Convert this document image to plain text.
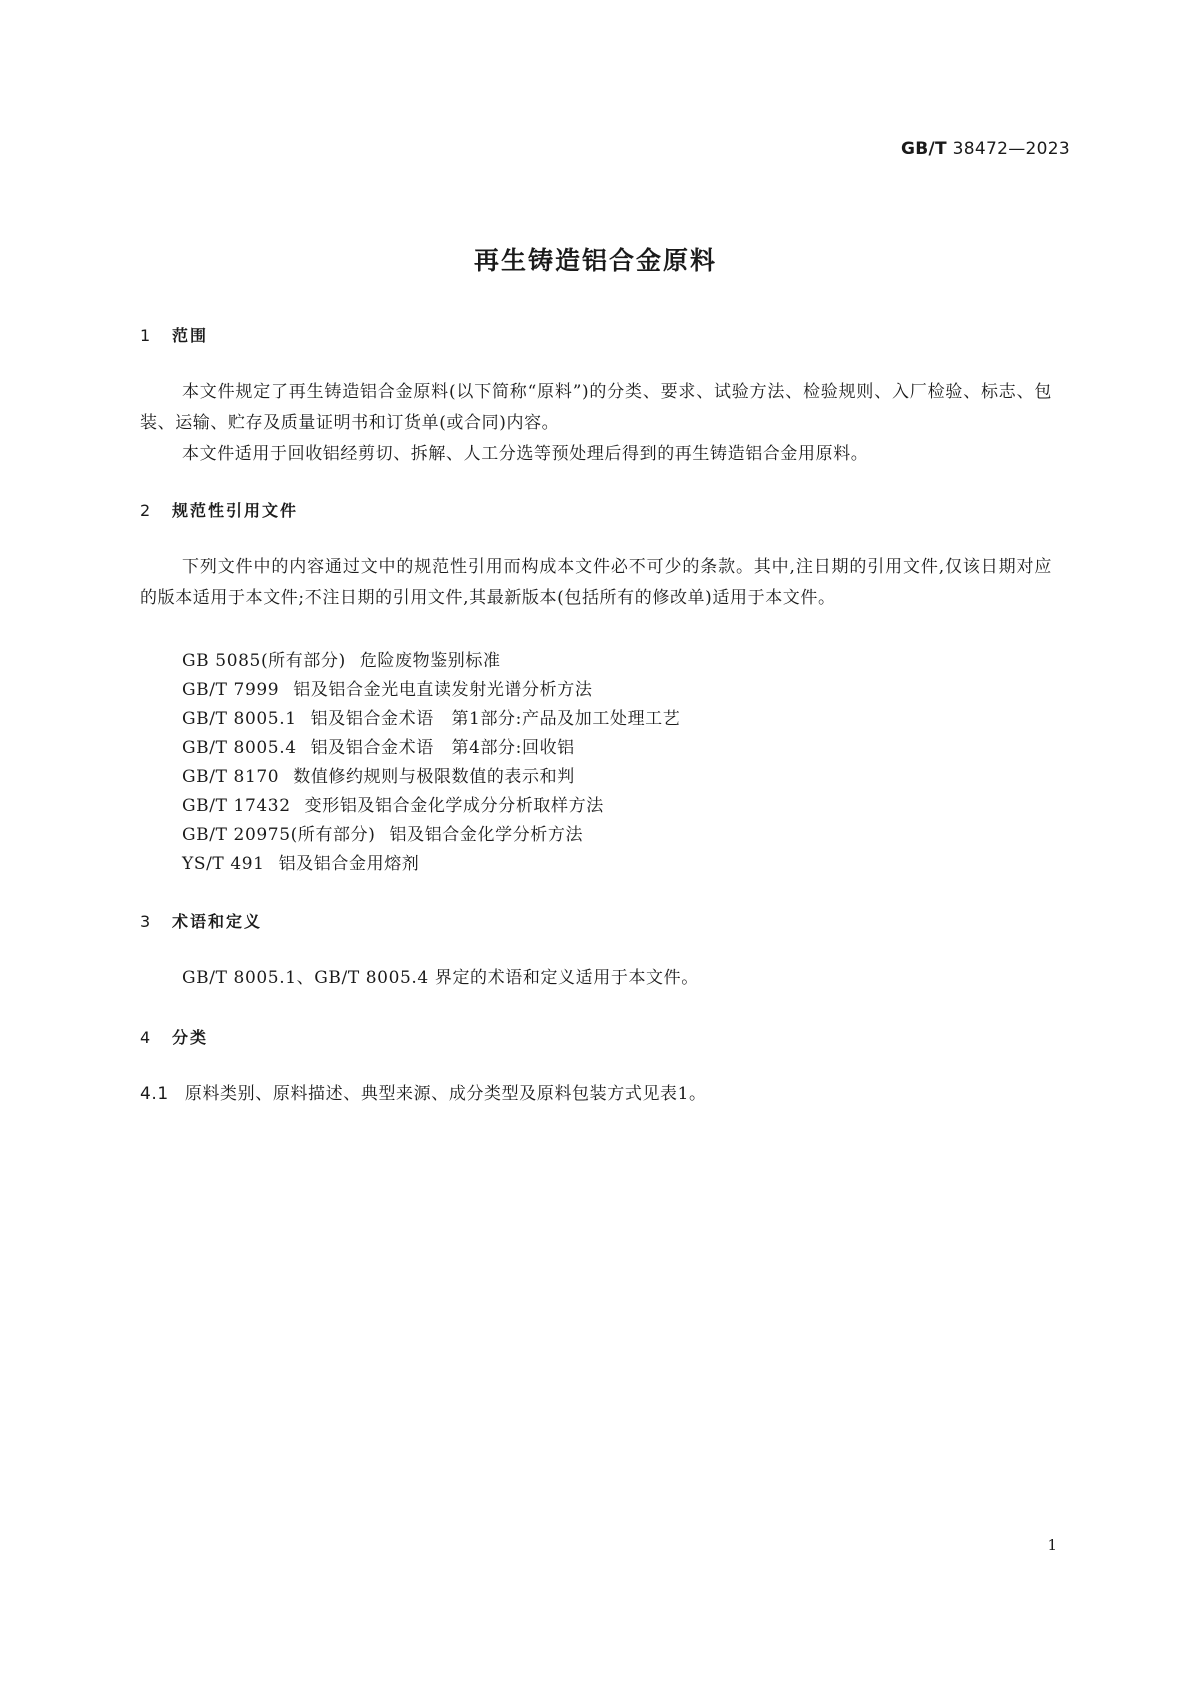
GB/T 38472—2023
再生铸造铝合金原料
1 范围
本文件规定了再生铸造铝合金原料(以下简称“原料”)的分类、要求、试验方法、检验规则、入厂检验、标志、包装、运输、贮存及质量证明书和订货单(或合同)内容。
本文件适用于回收铝经剪切、拆解、人工分选等预处理后得到的再生铸造铝合金用原料。
2 规范性引用文件
下列文件中的内容通过文中的规范性引用而构成本文件必不可少的条款。其中,注日期的引用文件,仅该日期对应的版本适用于本文件;不注日期的引用文件,其最新版本(包括所有的修改单)适用于本文件。
GB 5085(所有部分) 危险废物鉴别标准
GB/T 7999 铝及铝合金光电直读发射光谱分析方法
GB/T 8005.1 铝及铝合金术语　第1部分:产品及加工处理工艺
GB/T 8005.4 铝及铝合金术语　第4部分:回收铝
GB/T 8170 数值修约规则与极限数值的表示和判
GB/T 17432 变形铝及铝合金化学成分分析取样方法
GB/T 20975(所有部分) 铝及铝合金化学分析方法
YS/T 491 铝及铝合金用熔剂
3 术语和定义
GB/T 8005.1、GB/T 8005.4 界定的术语和定义适用于本文件。
4 分类
4.1 原料类别、原料描述、典型来源、成分类型及原料包装方式见表1。
1
